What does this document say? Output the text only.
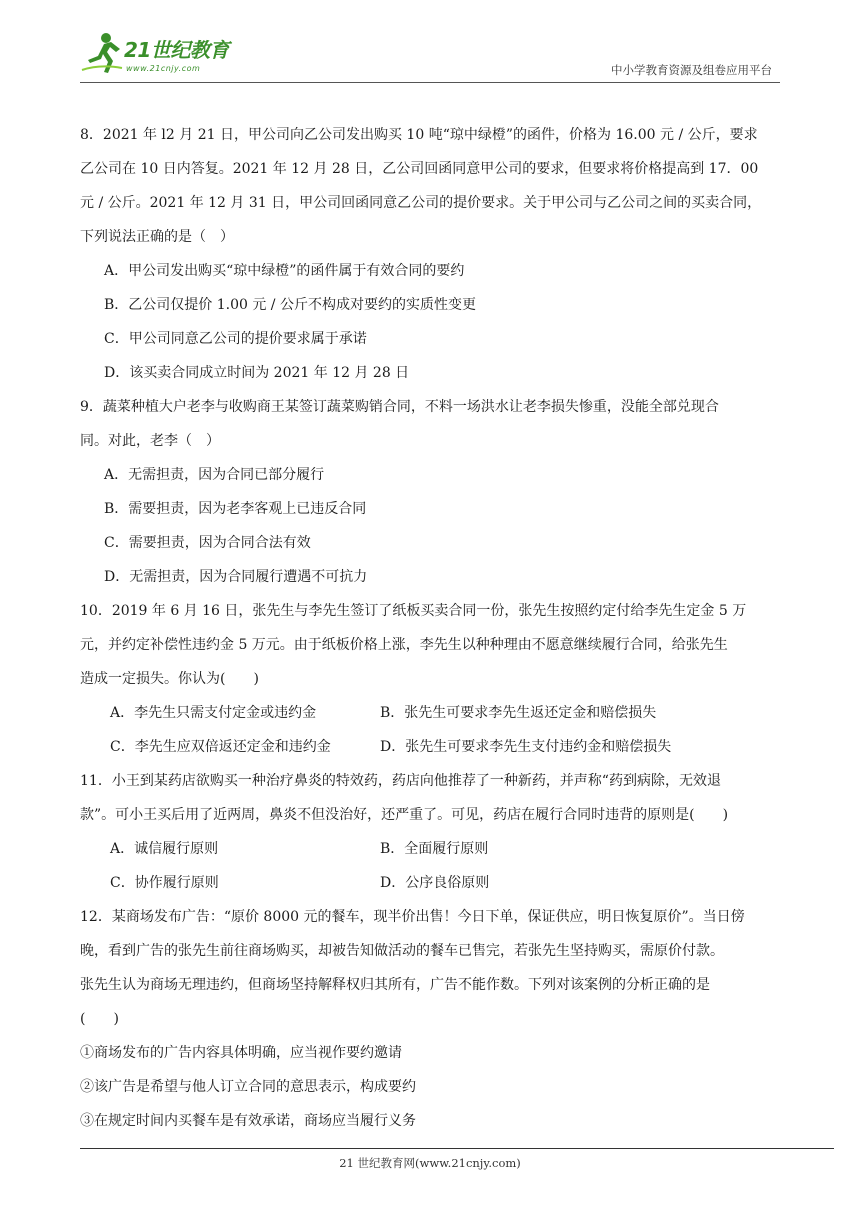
21世纪教育
www.21cnjy.com	中小学教育资源及组卷应用平台

8．2021 年 l2 月 21 日，甲公司向乙公司发出购买 10 吨“琼中绿橙”的函件，价格为 16.00 元 / 公斤，要求

乙公司在 10 日内答复。2021 年 12 月 28 日，乙公司回函同意甲公司的要求，但要求将价格提高到 17．00

元 / 公斤。2021 年 12 月 31 日，甲公司回函同意乙公司的提价要求。关于甲公司与乙公司之间的买卖合同，

下列说法正确的是（　）

A．甲公司发出购买“琼中绿橙”的函件属于有效合同的要约

B．乙公司仅提价 1.00 元 / 公斤不构成对要约的实质性变更

C．甲公司同意乙公司的提价要求属于承诺

D．该买卖合同成立时间为 2021 年 12 月 28 日

9．蔬菜种植大户老李与收购商王某签订蔬菜购销合同，不料一场洪水让老李损失惨重，没能全部兑现合

同。对此，老李（　）

A．无需担责，因为合同已部分履行

B．需要担责，因为老李客观上已违反合同

C．需要担责，因为合同合法有效

D．无需担责，因为合同履行遭遇不可抗力

10．2019 年 6 月 16 日，张先生与李先生签订了纸板买卖合同一份，张先生按照约定付给李先生定金 5 万

元，并约定补偿性违约金 5 万元。由于纸板价格上涨，李先生以种种理由不愿意继续履行合同，给张先生

造成一定损失。你认为(　　)

A．李先生只需支付定金或违约金	B．张先生可要求李先生返还定金和赔偿损失
C．李先生应双倍返还定金和违约金	D．张先生可要求李先生支付违约金和赔偿损失

11．小王到某药店欲购买一种治疗鼻炎的特效药，药店向他推荐了一种新药，并声称“药到病除，无效退

款”。可小王买后用了近两周，鼻炎不但没治好，还严重了。可见，药店在履行合同时违背的原则是(　　)

A．诚信履行原则	B．全面履行原则
C．协作履行原则	D．公序良俗原则

12．某商场发布广告：“原价 8000 元的餐车，现半价出售！今日下单，保证供应，明日恢复原价”。当日傍

晚，看到广告的张先生前往商场购买，却被告知做活动的餐车已售完，若张先生坚持购买，需原价付款。

张先生认为商场无理违约，但商场坚持解释权归其所有，广告不能作数。下列对该案例的分析正确的是

(　　)

①商场发布的广告内容具体明确，应当视作要约邀请

②该广告是希望与他人订立合同的意思表示，构成要约

③在规定时间内买餐车是有效承诺，商场应当履行义务

21 世纪教育网(www.21cnjy.com)
